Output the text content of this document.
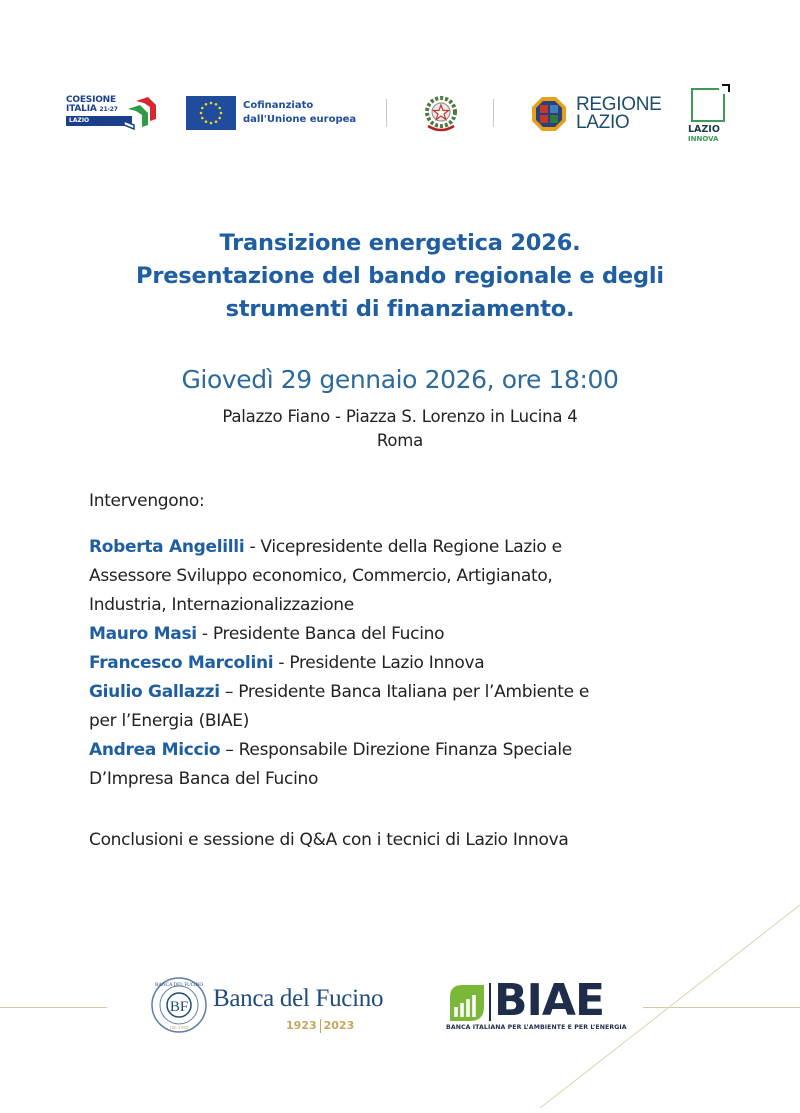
COESIONE
ITALIA 21-27
LAZIO
Cofinanziato
dall'Unione europea
REGIONE
LAZIO	LAZIO
INNOVA
Transizione energetica 2026.
Presentazione del bando regionale e degli
strumenti di finanziamento.
Giovedì 29 gennaio 2026, ore 18:00
Palazzo Fiano - Piazza S. Lorenzo in Lucina 4
Roma
Intervengono:
Roberta Angelilli - Vicepresidente della Regione Lazio e
Assessore Sviluppo economico, Commercio, Artigianato,
Industria, Internazionalizzazione
Mauro Masi - Presidente Banca del Fucino
Francesco Marcolini - Presidente Lazio Innova
Giulio Gallazzi – Presidente Banca Italiana per l’Ambiente e
per l’Energia (BIAE)
Andrea Miccio – Responsabile Direzione Finanza Speciale
D’Impresa Banca del Fucino
Conclusioni e sessione di Q&A con i tecnici di Lazio Innova
BF
BANCA DEL FUCINO
100 ANNI
Banca del Fucino
1923 2023	BIAE
BANCA ITALIANA PER L’AMBIENTE E PER L’ENERGIA
